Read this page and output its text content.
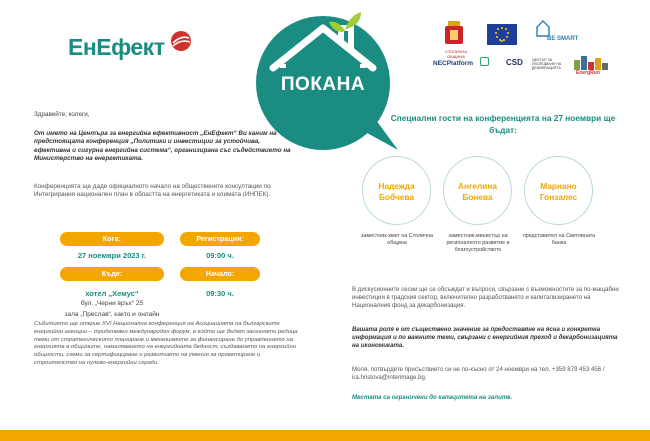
ЕнЕфект
ПОКАНА
СТОЛИЧНА ОБЩИНА
BE SMART
NECPlatform	CSD	ЦЕНТЪР ЗА ИЗСЛЕДВАНЕ НА ДЕМОКРАЦИЯТА
EnergRun
Здравейте, колеги,
От името на Центъра за енергийна ефективност „ЕнЕфект“ Ви каним на предстоящата конференция „Политики и инвестиции за устойчива, ефективна и сигурна енергийна система“, организирана със съдействието на Министерство на енергетиката.
Конференцията ще даде официалното начало на обществените консултации по Интегрирания национален план в областта на енергетиката и климата (ИНПЕК).
Кога:
27 ноември 2023 г.
Регистрация:
09:00 ч.
Къде:
хотел „Хемус“
бул. „Черни връх“ 25
зала „Преслав“, както и онлайн
Начало:
09:30 ч.
Събитието ще открие XVI Национална конференция на Асоциацията на българските енергийни агенции – триденевен международен форум, в който ще бъдат засегнати редица теми от стратегическото планиране и механизмите за финансиране до управлението на енергията в общините, намаляването на енергийната бедност, създаването на енергийни общности, схеми за сертифициране и развитието на умения за проектиране и строителство на нулево-енергийни сгради.
Специални гости на конференцията на 27 ноември ще бъдат:
Надежда
Бобчева
заместник-кмет на Столична община
Ангелина
Бонева
заместник-министър на регионалното развитие и благоустройството
Марнано
Гонзалес
представител на Световната банка
В дискусионните сесии ще се обсъждат и въпроси, свързани с възможностите за по-мащабни инвестиции в градския сектор, включително разработването и капитализирането на Националния фонд за декарбонизация.
Вашата роля е от съществено значение за предоставяне на ясна и конкретна информация и по важните теми, свързани с енергийния преход и декарбонизацията на икономиката.
Моля, потвърдете присъствието си не по-късно от 24 ноември на тел. +359 879 453 456 / ira.hristova@interimage.bg.
Местата са ограничени до капацитета на залите.
